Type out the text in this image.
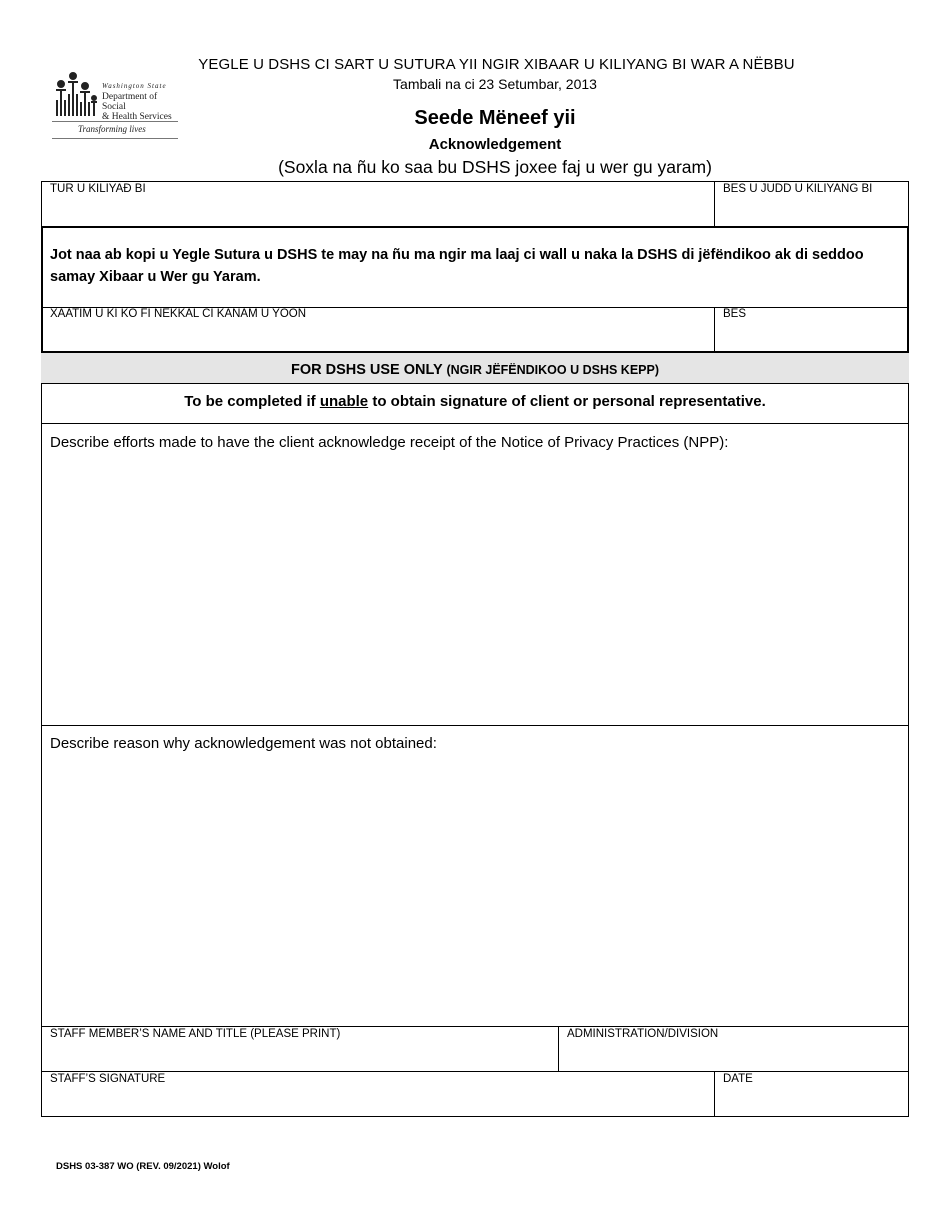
Washington State
Department of Social
& Health Services
Transforming lives
YEGLE U DSHS CI SART U SUTURA YII NGIR XIBAAR U KILIYANG BI WAR A NËBBU
Tambali na ci 23 Setumbar, 2013
Seede Mëneef yii
Acknowledgement
(Soxla na ñu ko saa bu DSHS joxee faj u wer gu yaram)
TUR U KILIYAÐ BI	BES U JUDD U KILIYANG BI
Jot naa ab kopi u Yegle Sutura u DSHS te may na ñu ma ngir ma laaj ci wall u naka la DSHS di jëfëndikoo ak di seddoo samay Xibaar u Wer gu Yaram.
XAATIM U KI KO FI NEKKAL CI KANAM U YOON	BES
FOR DSHS USE ONLY (NGIR JËFËNDIKOO U DSHS KEPP)
To be completed if unable to obtain signature of client or personal representative.
Describe efforts made to have the client acknowledge receipt of the Notice of Privacy Practices (NPP):
Describe reason why acknowledgement was not obtained:
STAFF MEMBER’S NAME AND TITLE (PLEASE PRINT)	ADMINISTRATION/DIVISION
STAFF’S SIGNATURE	DATE
DSHS 03-387 WO (REV. 09/2021) Wolof
